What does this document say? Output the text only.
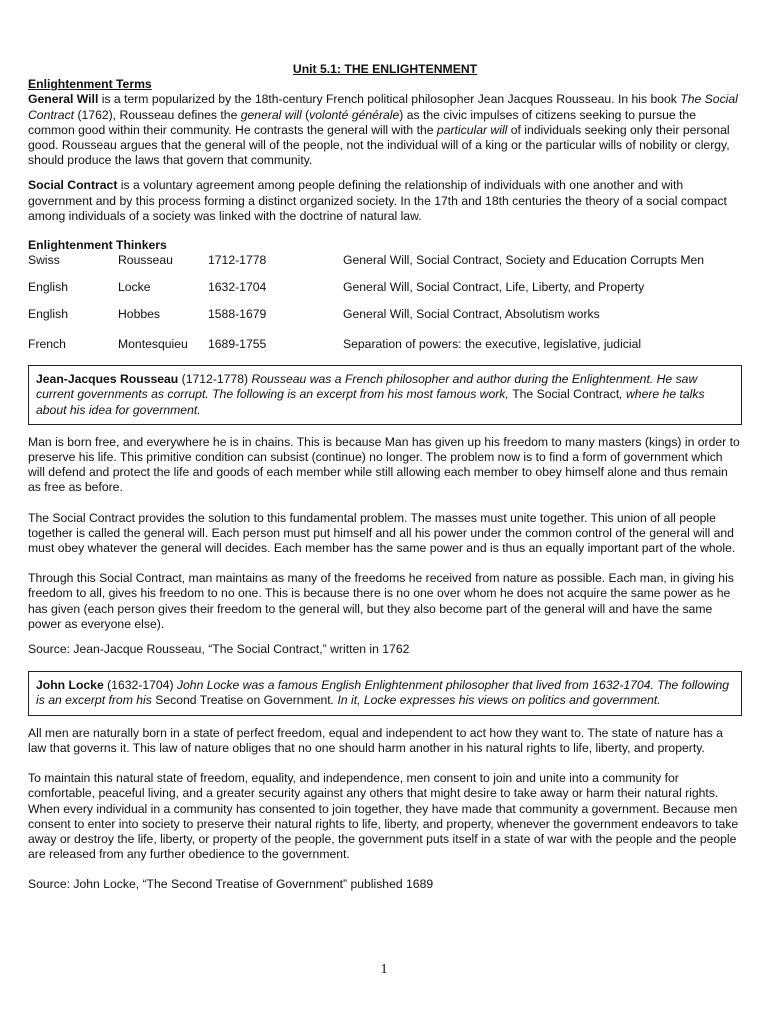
Unit 5.1: THE ENLIGHTENMENT

Enlightenment Terms

General Will is a term popularized by the 18th-century French political philosopher Jean Jacques Rousseau. In his book The Social Contract (1762), Rousseau defines the general will (volonté générale) as the civic impulses of citizens seeking to pursue the common good within their community. He contrasts the general will with the particular will of individuals seeking only their personal good. Rousseau argues that the general will of the people, not the individual will of a king or the particular wills of nobility or clergy, should produce the laws that govern that community.

Social Contract is a voluntary agreement among people defining the relationship of individuals with one another and with government and by this process forming a distinct organized society. In the 17th and 18th centuries the theory of a social compact among individuals of a society was linked with the doctrine of natural law.

Enlightenment Thinkers

Swiss	Rousseau	1712-1778	General Will, Social Contract, Society and Education Corrupts Men
English	Locke	1632-1704	General Will, Social Contract, Life, Liberty, and Property
English	Hobbes	1588-1679	General Will, Social Contract, Absolutism works
French	Montesquieu	1689-1755	Separation of powers: the executive, legislative, judicial
Jean-Jacques Rousseau (1712-1778) Rousseau was a French philosopher and author during the Enlightenment. He saw current governments as corrupt. The following is an excerpt from his most famous work, The Social Contract, where he talks about his idea for government.

Man is born free, and everywhere he is in chains. This is because Man has given up his freedom to many masters (kings) in order to preserve his life. This primitive condition can subsist (continue) no longer. The problem now is to find a form of government which will defend and protect the life and goods of each member while still allowing each member to obey himself alone and thus remain as free as before.

The Social Contract provides the solution to this fundamental problem. The masses must unite together. This union of all people together is called the general will. Each person must put himself and all his power under the common control of the general will and must obey whatever the general will decides. Each member has the same power and is thus an equally important part of the whole.

Through this Social Contract, man maintains as many of the freedoms he received from nature as possible. Each man, in giving his freedom to all, gives his freedom to no one. This is because there is no one over whom he does not acquire the same power as he has given (each person gives their freedom to the general will, but they also become part of the general will and have the same power as everyone else).

Source: Jean-Jacque Rousseau, “The Social Contract,” written in 1762

John Locke (1632-1704) John Locke was a famous English Enlightenment philosopher that lived from 1632-1704. The following is an excerpt from his Second Treatise on Government. In it, Locke expresses his views on politics and government.

All men are naturally born in a state of perfect freedom, equal and independent to act how they want to. The state of nature has a law that governs it. This law of nature obliges that no one should harm another in his natural rights to life, liberty, and property.

To maintain this natural state of freedom, equality, and independence, men consent to join and unite into a community for comfortable, peaceful living, and a greater security against any others that might desire to take away or harm their natural rights. When every individual in a community has consented to join together, they have made that community a government. Because men consent to enter into society to preserve their natural rights to life, liberty, and property, whenever the government endeavors to take away or destroy the life, liberty, or property of the people, the government puts itself in a state of war with the people and the people are released from any further obedience to the government.

Source: John Locke, “The Second Treatise of Government” published 1689

1
